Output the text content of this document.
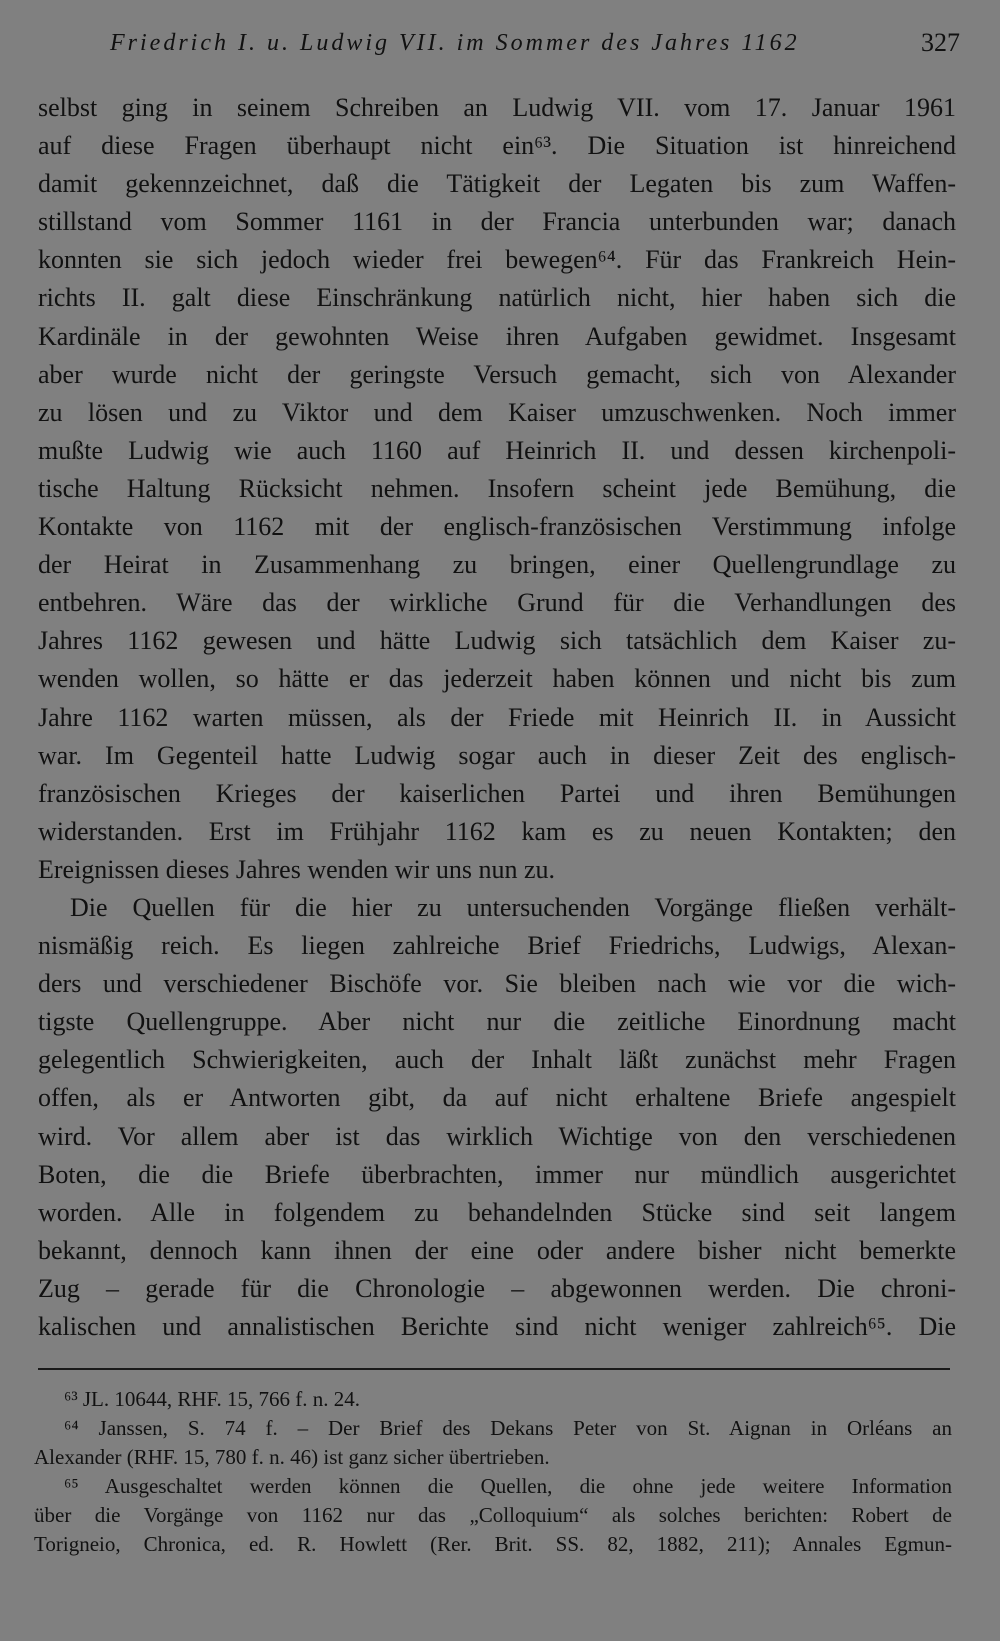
Friedrich I. u. Ludwig VII. im Sommer des Jahres 1162	327
selbst ging in seinem Schreiben an Ludwig VII. vom 17. Januar 1961
auf diese Fragen überhaupt nicht ein⁶³. Die Situation ist hinreichend
damit gekennzeichnet, daß die Tätigkeit der Legaten bis zum Waffen-
stillstand vom Sommer 1161 in der Francia unterbunden war; danach
konnten sie sich jedoch wieder frei bewegen⁶⁴. Für das Frankreich Hein-
richts II. galt diese Einschränkung natürlich nicht, hier haben sich die
Kardinäle in der gewohnten Weise ihren Aufgaben gewidmet. Insgesamt
aber wurde nicht der geringste Versuch gemacht, sich von Alexander
zu lösen und zu Viktor und dem Kaiser umzuschwenken. Noch immer
mußte Ludwig wie auch 1160 auf Heinrich II. und dessen kirchenpoli-
tische Haltung Rücksicht nehmen. Insofern scheint jede Bemühung, die
Kontakte von 1162 mit der englisch-französischen Verstimmung infolge
der Heirat in Zusammenhang zu bringen, einer Quellengrundlage zu
entbehren. Wäre das der wirkliche Grund für die Verhandlungen des
Jahres 1162 gewesen und hätte Ludwig sich tatsächlich dem Kaiser zu-
wenden wollen, so hätte er das jederzeit haben können und nicht bis zum
Jahre 1162 warten müssen, als der Friede mit Heinrich II. in Aussicht
war. Im Gegenteil hatte Ludwig sogar auch in dieser Zeit des englisch-
französischen Krieges der kaiserlichen Partei und ihren Bemühungen
widerstanden. Erst im Frühjahr 1162 kam es zu neuen Kontakten; den
Ereignissen dieses Jahres wenden wir uns nun zu.
Die Quellen für die hier zu untersuchenden Vorgänge fließen verhält-
nismäßig reich. Es liegen zahlreiche Brief Friedrichs, Ludwigs, Alexan-
ders und verschiedener Bischöfe vor. Sie bleiben nach wie vor die wich-
tigste Quellengruppe. Aber nicht nur die zeitliche Einordnung macht
gelegentlich Schwierigkeiten, auch der Inhalt läßt zunächst mehr Fragen
offen, als er Antworten gibt, da auf nicht erhaltene Briefe angespielt
wird. Vor allem aber ist das wirklich Wichtige von den verschiedenen
Boten, die die Briefe überbrachten, immer nur mündlich ausgerichtet
worden. Alle in folgendem zu behandelnden Stücke sind seit langem
bekannt, dennoch kann ihnen der eine oder andere bisher nicht bemerkte
Zug – gerade für die Chronologie – abgewonnen werden. Die chroni-
kalischen und annalistischen Berichte sind nicht weniger zahlreich⁶⁵. Die
⁶³ JL. 10644, RHF. 15, 766 f. n. 24.
⁶⁴ Janssen, S. 74 f. – Der Brief des Dekans Peter von St. Aignan in Orléans an
Alexander (RHF. 15, 780 f. n. 46) ist ganz sicher übertrieben.
⁶⁵ Ausgeschaltet werden können die Quellen, die ohne jede weitere Information
über die Vorgänge von 1162 nur das „Colloquium“ als solches berichten: Robert de
Torigneio, Chronica, ed. R. Howlett (Rer. Brit. SS. 82, 1882, 211); Annales Egmun-
